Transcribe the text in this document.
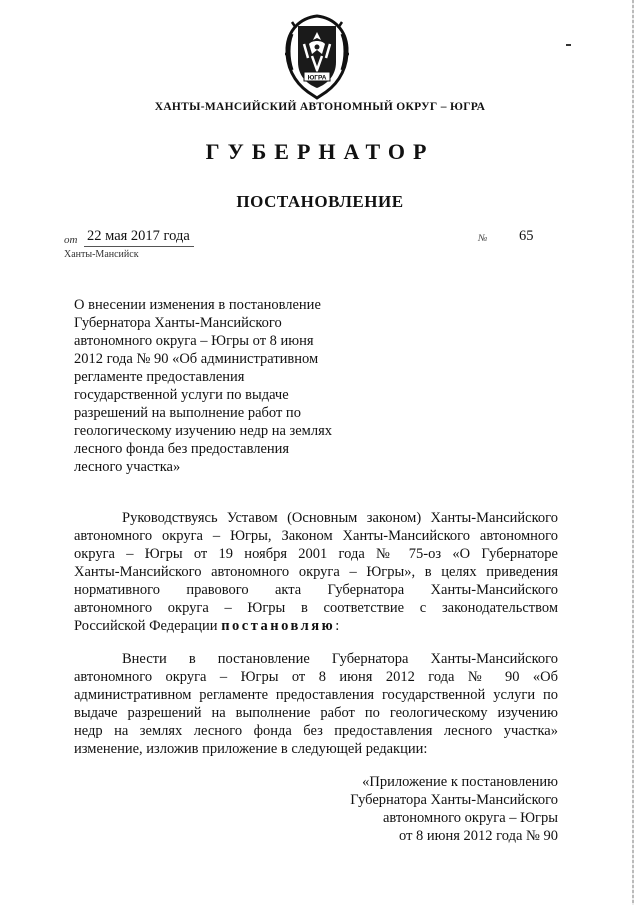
ЮГРА
ХАНТЫ-МАНСИЙСКИЙ АВТОНОМНЫЙ ОКРУГ – ЮГРА
ГУБЕРНАТОР
ПОСТАНОВЛЕНИЕ
от 22 мая 2017 года	№ 65
Ханты-Мансийск
О внесении изменения в постановление
Губернатора Ханты-Мансийского
автономного округа – Югры от 8 июня
2012 года № 90 «Об административном
регламенте предоставления
государственной услуги по выдаче
разрешений на выполнение работ по
геологическому изучению недр на землях
лесного фонда без предоставления
лесного участка»
Руководствуясь Уставом (Основным законом) Ханты-Мансийского
автономного округа – Югры, Законом Ханты-Мансийского автономного
округа – Югры от 19 ноября 2001 года № 75-оз «О Губернаторе
Ханты-Мансийского автономного округа – Югры», в целях приведения
нормативного правового акта Губернатора Ханты-Мансийского
автономного округа – Югры в соответствие с законодательством
Российской Федерации постановляю:
Внести в постановление Губернатора Ханты-Мансийского
автономного округа – Югры от 8 июня 2012 года № 90 «Об
административном регламенте предоставления государственной услуги по
выдаче разрешений на выполнение работ по геологическому изучению
недр на землях лесного фонда без предоставления лесного участка»
изменение, изложив приложение в следующей редакции:
«Приложение к постановлению
Губернатора Ханты-Мансийского
автономного округа – Югры
от 8 июня 2012 года № 90
